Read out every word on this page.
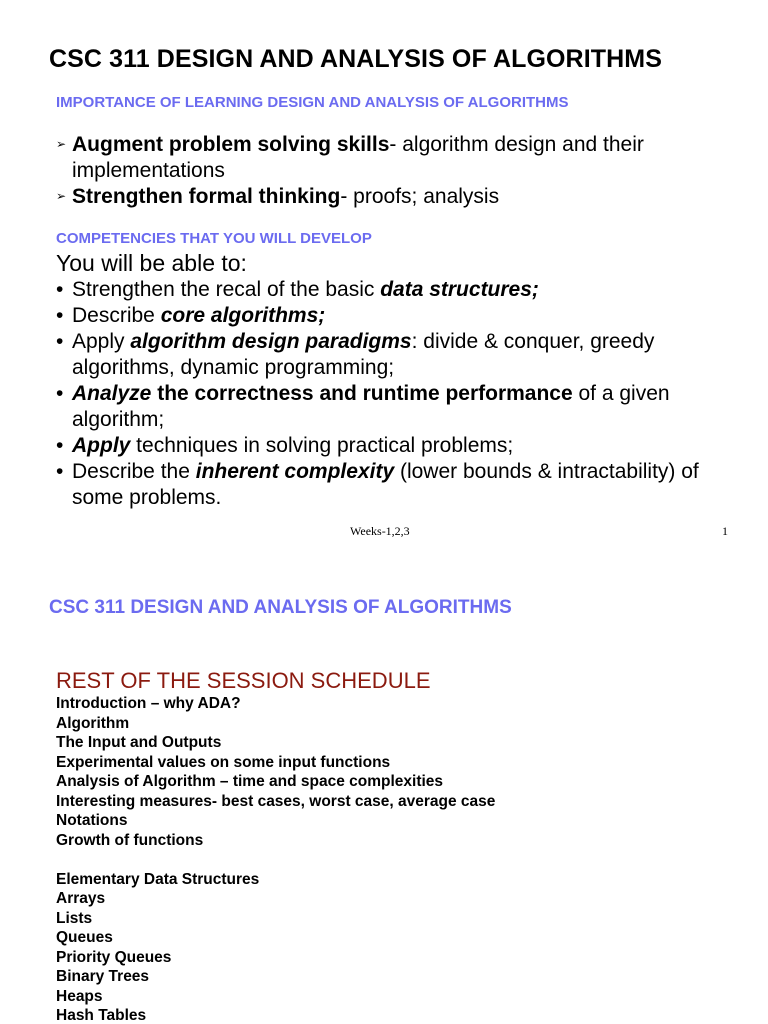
CSC 311 DESIGN AND ANALYSIS OF ALGORITHMS
IMPORTANCE OF LEARNING DESIGN AND ANALYSIS OF ALGORITHMS
➢ Augment problem solving skills- algorithm design and their implementations
➢ Strengthen formal thinking- proofs; analysis
COMPETENCIES THAT YOU WILL DEVELOP
You will be able to:
• Strengthen the recal of the basic data structures;
• Describe core algorithms;
• Apply algorithm design paradigms: divide & conquer, greedy algorithms, dynamic programming;
• Analyze the correctness and runtime performance of a given algorithm;
• Apply techniques in solving practical problems;
• Describe the inherent complexity (lower bounds & intractability) of some problems.
Weeks-1,2,3	1
CSC 311 DESIGN AND ANALYSIS OF ALGORITHMS
REST OF THE SESSION SCHEDULE
Introduction – why ADA?
Algorithm
The Input and Outputs
Experimental values on some input functions
Analysis of Algorithm – time and space complexities
Interesting measures- best cases, worst case, average case
Notations
Growth of functions
Elementary Data Structures
Arrays
Lists
Queues
Priority Queues
Binary Trees
Heaps
Hash Tables
